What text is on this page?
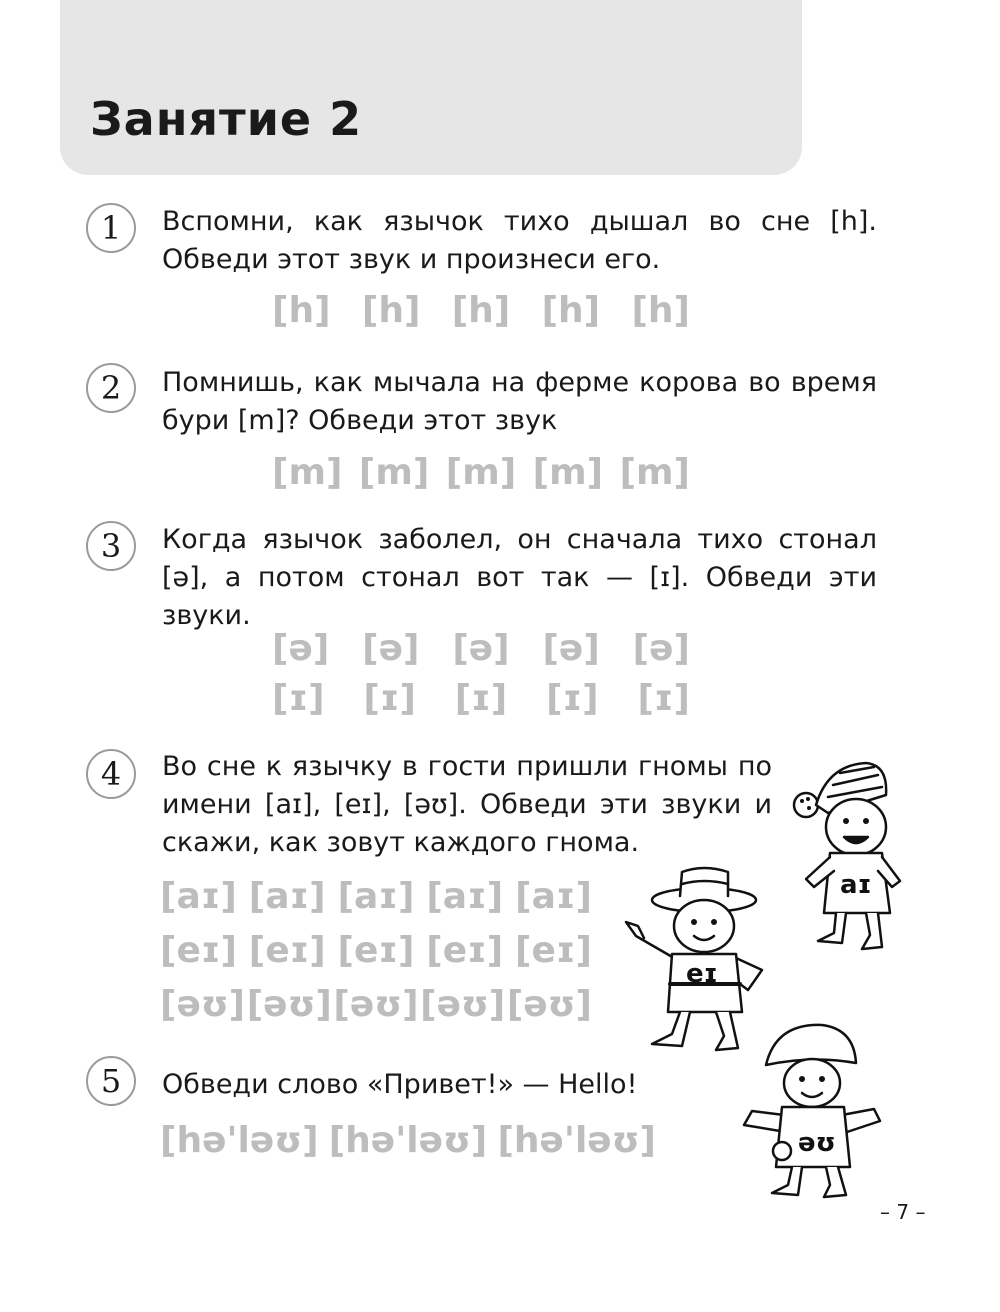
Занятие 2
1	Вспомни, как язычок тихо дышал во сне [h]. Обведи этот звук и произнеси его.

[h] [h] [h] [h] [h]
2	Помнишь, как мычала на ферме корова во время бури [m]? Обведи этот звук

[m] [m] [m] [m] [m]
3	Когда язычок заболел, он сначала тихо стонал [ə], а потом стонал вот так — [ɪ]. Обведи эти звуки.

[ə] [ə] [ə] [ə] [ə]
[ɪ] [ɪ] [ɪ] [ɪ] [ɪ]
4	Во сне к язычку в гости пришли гномы по имени [aɪ], [eɪ], [əʊ]. Обведи эти звуки и скажи, как зовут каждого гнома.

[aɪ] [aɪ] [aɪ] [aɪ] [aɪ]
[eɪ] [eɪ] [eɪ] [eɪ] [eɪ]
[əʊ] [əʊ] [əʊ] [əʊ] [əʊ]
5	Обведи слово «Привет!» — Hello!

[hə'ləʊ] [hə'ləʊ] [hə'ləʊ]
aɪ
eɪ
əʊ
– 7 –
